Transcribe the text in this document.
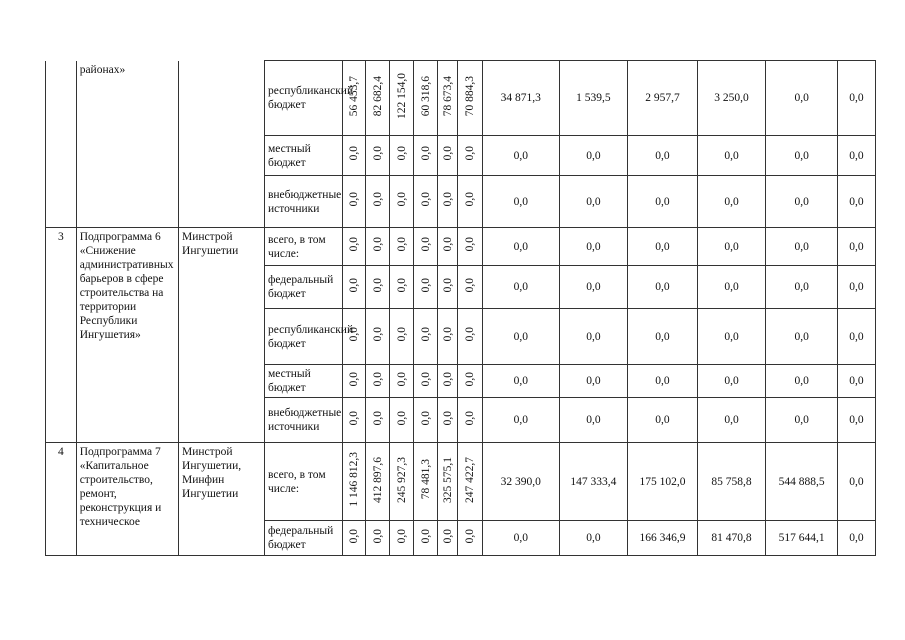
	районах»		республиканский бюджет	56 453,7	82 682,4	122 154,0	60 318,6	78 673,4	70 884,3	34 871,3	1 539,5	2 957,7	3 250,0	0,0	0,0
			местный бюджет	0,0	0,0	0,0	0,0	0,0	0,0	0,0	0,0	0,0	0,0	0,0	0,0
			внебюджетные источники	0,0	0,0	0,0	0,0	0,0	0,0	0,0	0,0	0,0	0,0	0,0	0,0
3	Подпрограмма 6 «Снижение административных барьеров в сфере строительства на территории Республики Ингушетия»	Минстрой Ингушетии	всего, в том числе:	0,0	0,0	0,0	0,0	0,0	0,0	0,0	0,0	0,0	0,0	0,0	0,0
			федеральный бюджет	0,0	0,0	0,0	0,0	0,0	0,0	0,0	0,0	0,0	0,0	0,0	0,0
			республиканский бюджет	0,0	0,0	0,0	0,0	0,0	0,0	0,0	0,0	0,0	0,0	0,0	0,0
			местный бюджет	0,0	0,0	0,0	0,0	0,0	0,0	0,0	0,0	0,0	0,0	0,0	0,0
			внебюджетные источники	0,0	0,0	0,0	0,0	0,0	0,0	0,0	0,0	0,0	0,0	0,0	0,0
4	Подпрограмма 7 «Капитальное строительство, ремонт, реконструкция и техническое	Минстрой Ингушетии, Минфин Ингушетии	всего, в том числе:	1 146 812,3	412 897,6	245 927,3	78 481,3	325 575,1	247 422,7	32 390,0	147 333,4	175 102,0	85 758,8	544 888,5	0,0
			федеральный бюджет	0,0	0,0	0,0	0,0	0,0	0,0	0,0	0,0	166 346,9	81 470,8	517 644,1	0,0
